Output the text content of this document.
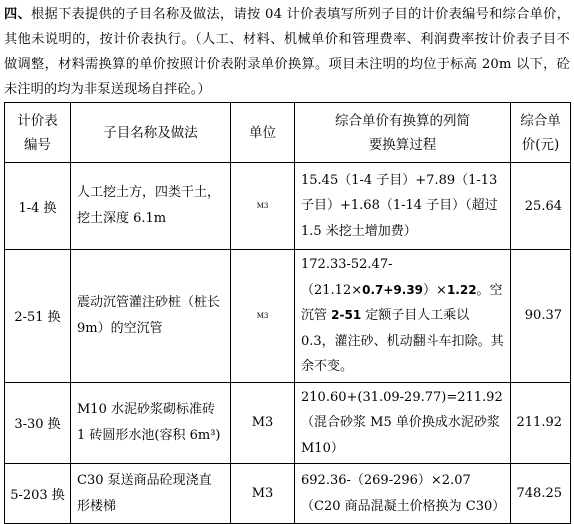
四、根据下表提供的子目名称及做法，请按 04 计价表填写所列子目的计价表编号和综合单价，其他未说明的，按计价表执行。（人工、材料、机械单价和管理费率、利润费率按计价表子目不做调整，材料需换算的单价按照计价表附录单价换算。项目未注明的均位于标高 20m 以下，砼未注明的均为非泵送现场自拌砼。）

计价表编号	子目名称及做法	单位	综合单价有换算的列简要换算过程	综合单价(元)
1-4 换	人工挖土方，四类干土，挖土深度 6.1m	M3	15.45（1-4 子目）+7.89（1-13 子目）+1.68（1-14 子目）（超过 1.5 米挖土增加费）	25.64
2-51 换	震动沉管灌注砂桩（桩长 9m）的空沉管	M3	172.33-52.47-（21.12×0.7+9.39）×1.22。空沉管 2-51 定额子目人工乘以 0.3，灌注砂、机动翻斗车扣除。其余不变。	90.37
3-30 换	M10 水泥砂浆砌标准砖 1 砖圆形水池(容积 6m³)	M3	210.60+(31.09-29.77)=211.92（混合砂浆 M5 单价换成水泥砂浆 M10）	211.92
5-203 换	C30 泵送商品砼现浇直形楼梯	M3	692.36-（269-296）×2.07（C20 商品混凝土价格换为 C30）	748.25
